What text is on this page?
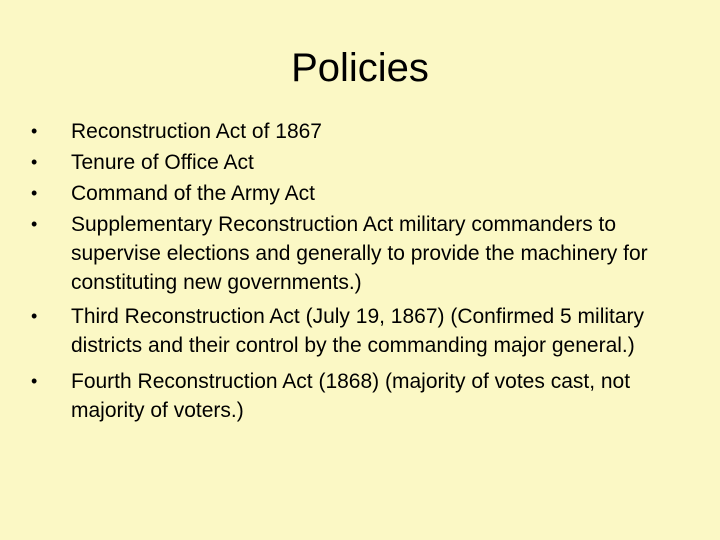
Policies
•	Reconstruction Act of 1867
•	Tenure of Office Act
•	Command of the Army Act
•	Supplementary Reconstruction Act military commanders to supervise elections and generally to provide the machinery for constituting new governments.)
•	Third Reconstruction Act (July 19, 1867) (Confirmed 5 military districts and their control by the commanding major general.)
•	Fourth Reconstruction Act (1868) (majority of votes cast, not majority of voters.)
